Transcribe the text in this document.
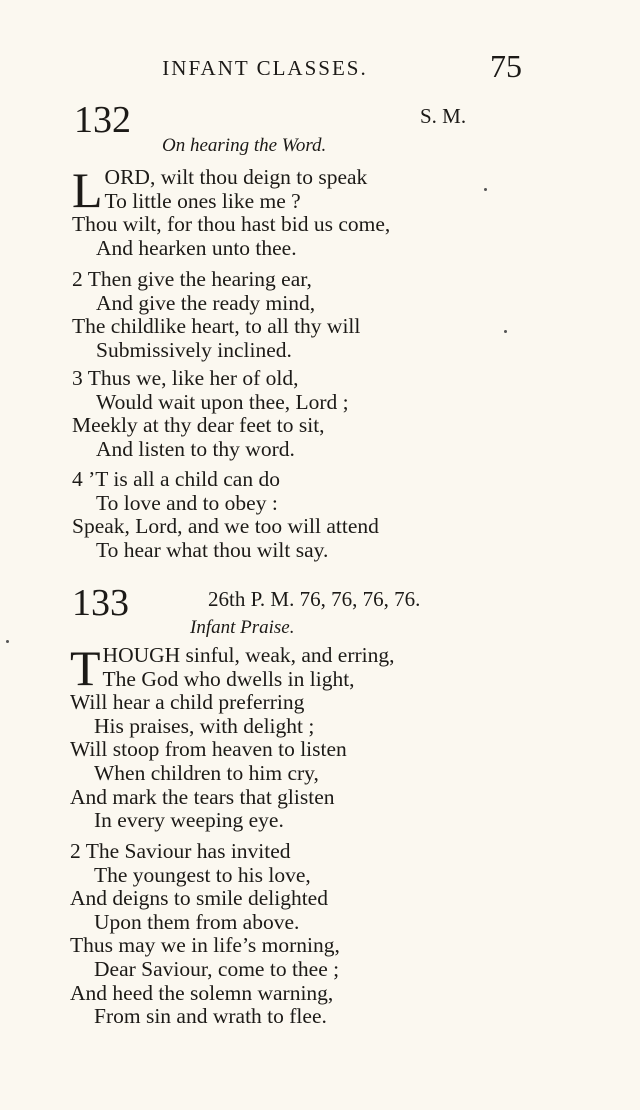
INFANT CLASSES.	75
132	S. M.
On hearing the Word.
L ORD, wilt thou deign to speak
To little ones like me ?
Thou wilt, for thou hast bid us come,
And hearken unto thee.
2 Then give the hearing ear,
And give the ready mind,
The childlike heart, to all thy will
Submissively inclined.
3 Thus we, like her of old,
Would wait upon thee, Lord ;
Meekly at thy dear feet to sit,
And listen to thy word.
4 ’T is all a child can do
To love and to obey :
Speak, Lord, and we too will attend
To hear what thou wilt say.
133	26th P. M. 76, 76, 76, 76.
Infant Praise.
T HOUGH sinful, weak, and erring,
The God who dwells in light,
Will hear a child preferring
His praises, with delight ;
Will stoop from heaven to listen
When children to him cry,
And mark the tears that glisten
In every weeping eye.
2 The Saviour has invited
The youngest to his love,
And deigns to smile delighted
Upon them from above.
Thus may we in life’s morning,
Dear Saviour, come to thee ;
And heed the solemn warning,
From sin and wrath to flee.
